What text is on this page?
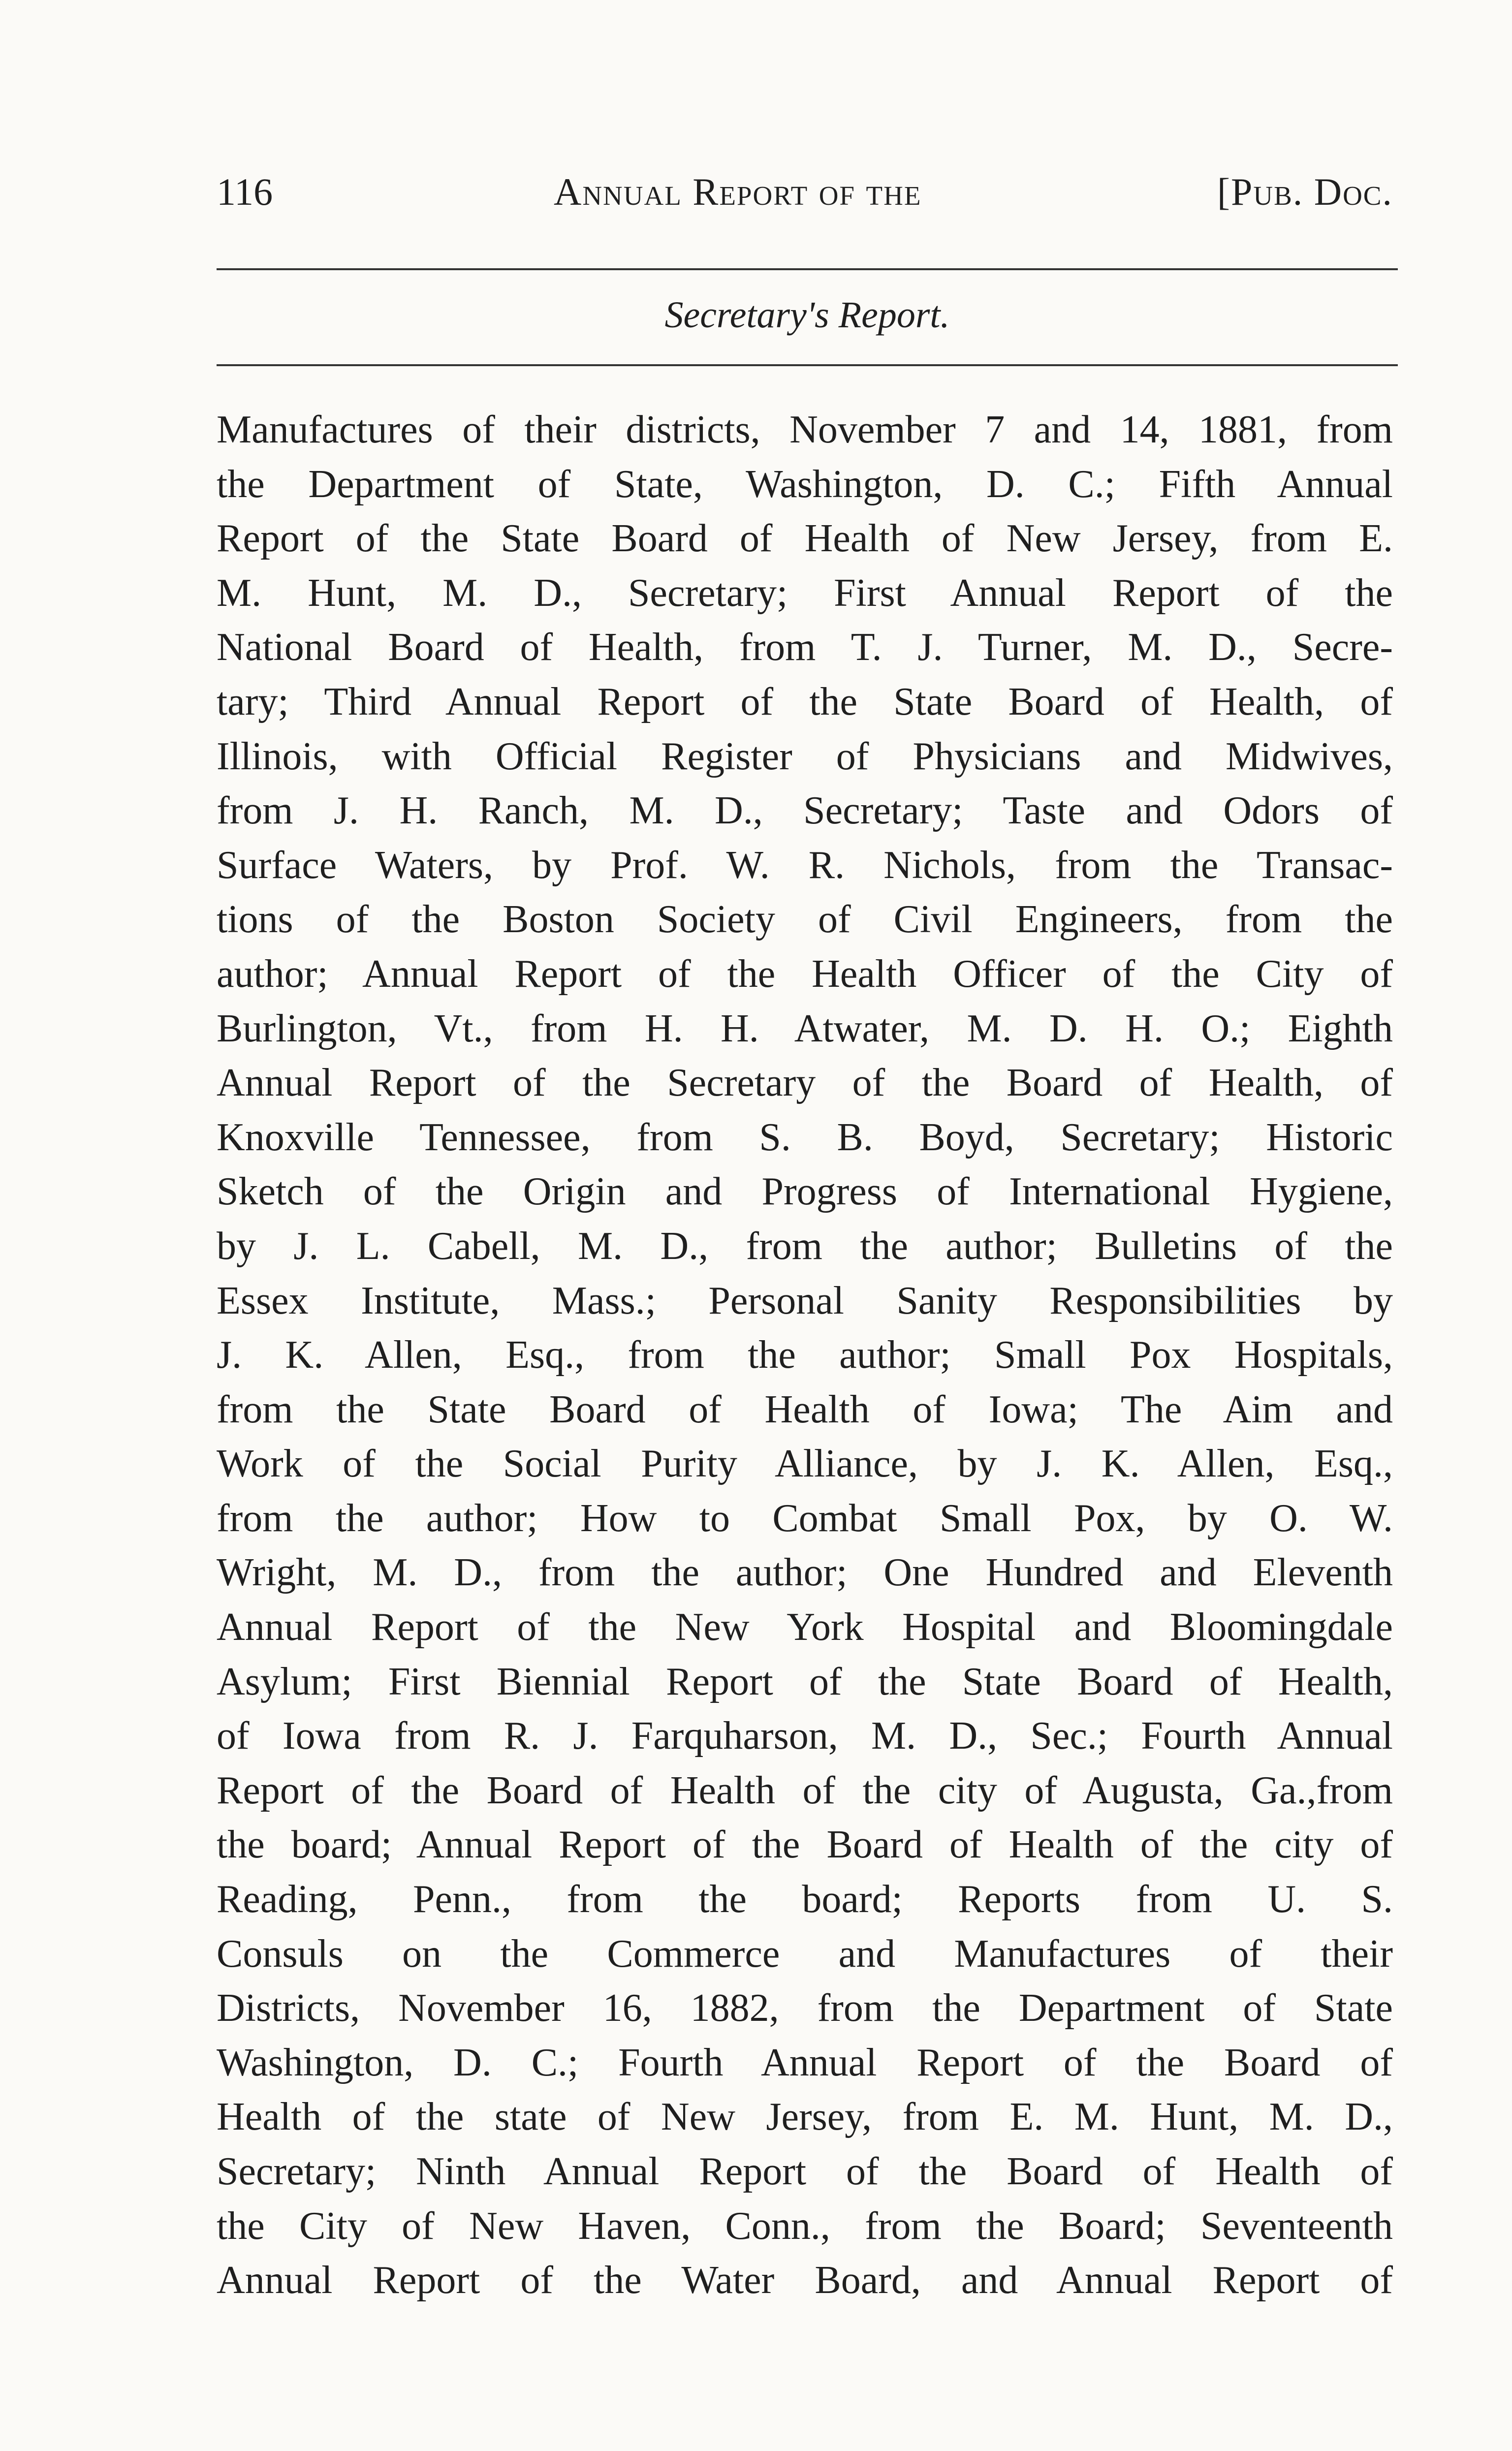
116	Annual Report of the	[Pub. Doc.
Secretary's Report.
Manufactures of their districts, November 7 and 14, 1881, from
the Department of State, Washington, D. C.; Fifth Annual
Report of the State Board of Health of New Jersey, from E.
M. Hunt, M. D., Secretary; First Annual Report of the
National Board of Health, from T. J. Turner, M. D., Secre-
tary; Third Annual Report of the State Board of Health, of
Illinois, with Official Register of Physicians and Midwives,
from J. H. Ranch, M. D., Secretary; Taste and Odors of
Surface Waters, by Prof. W. R. Nichols, from the Transac-
tions of the Boston Society of Civil Engineers, from the
author; Annual Report of the Health Officer of the City of
Burlington, Vt., from H. H. Atwater, M. D. H. O.; Eighth
Annual Report of the Secretary of the Board of Health, of
Knoxville Tennessee, from S. B. Boyd, Secretary; Historic
Sketch of the Origin and Progress of International Hygiene,
by J. L. Cabell, M. D., from the author; Bulletins of the
Essex Institute, Mass.; Personal Sanity Responsibilities by
J. K. Allen, Esq., from the author; Small Pox Hospitals,
from the State Board of Health of Iowa; The Aim and
Work of the Social Purity Alliance, by J. K. Allen, Esq.,
from the author; How to Combat Small Pox, by O. W.
Wright, M. D., from the author; One Hundred and Eleventh
Annual Report of the New York Hospital and Bloomingdale
Asylum; First Biennial Report of the State Board of Health,
of Iowa from R. J. Farquharson, M. D., Sec.; Fourth Annual
Report of the Board of Health of the city of Augusta, Ga.,from
the board; Annual Report of the Board of Health of the city of
Reading, Penn., from the board; Reports from U. S.
Consuls on the Commerce and Manufactures of their
Districts, November 16, 1882, from the Department of State
Washington, D. C.; Fourth Annual Report of the Board of
Health of the state of New Jersey, from E. M. Hunt, M. D.,
Secretary; Ninth Annual Report of the Board of Health of
the City of New Haven, Conn., from the Board; Seventeenth
Annual Report of the Water Board, and Annual Report of
